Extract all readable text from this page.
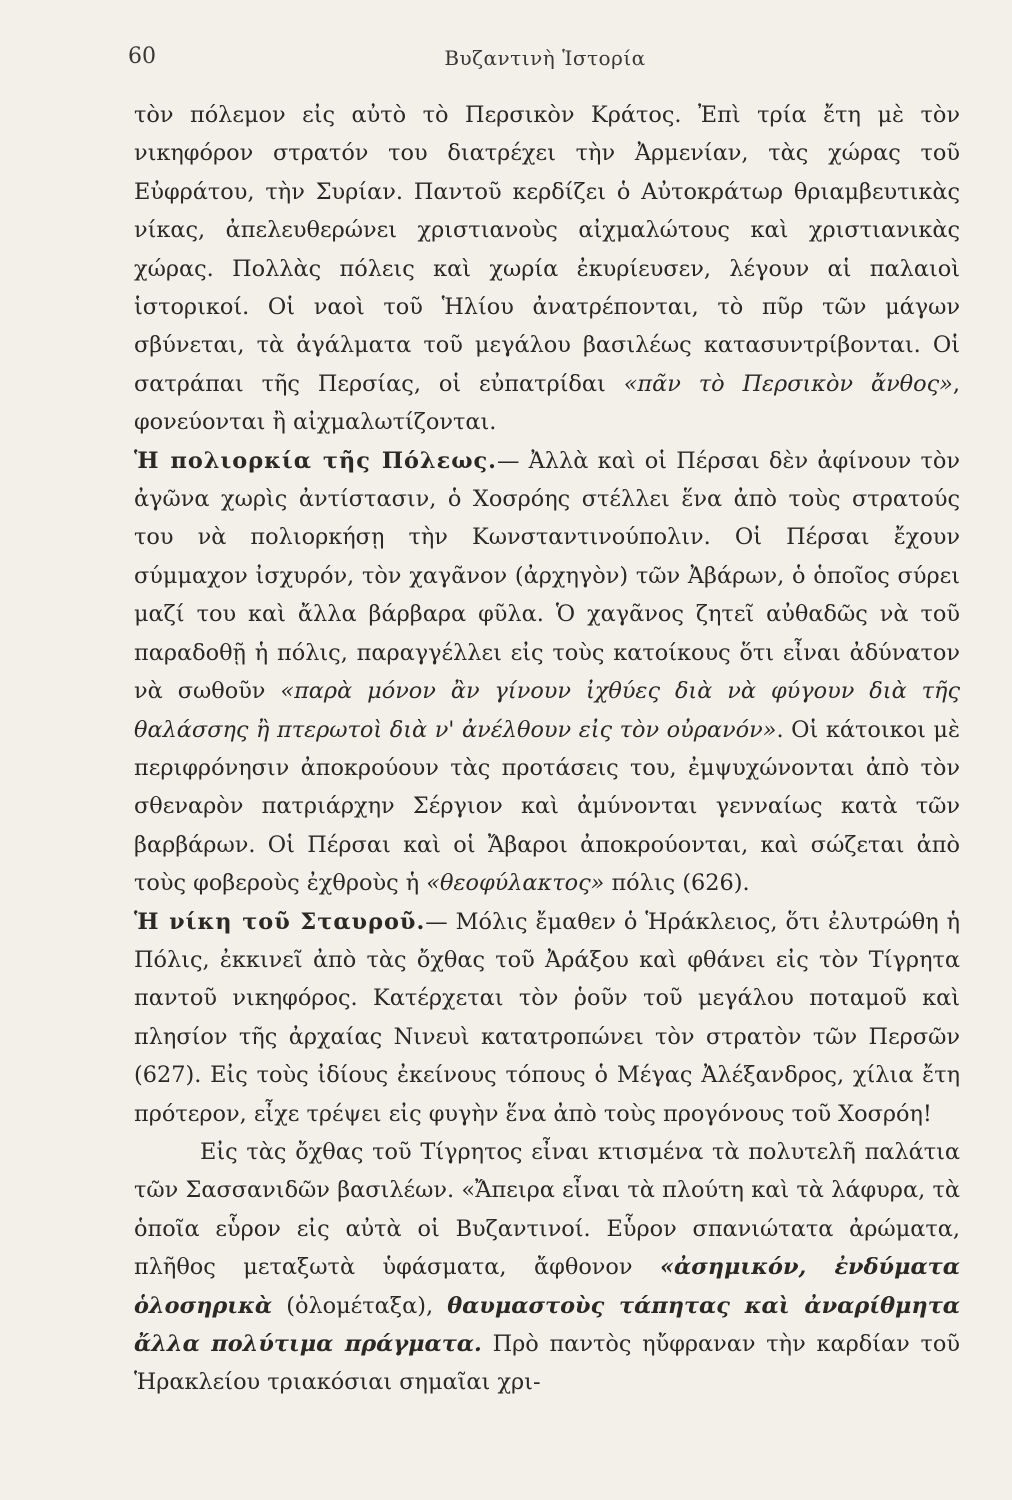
60	Βυζαντινὴ Ἱστορία

τὸν πόλεμον εἰς αὐτὸ τὸ Περσικὸν Κράτος. Ἐπὶ τρία ἔτη μὲ τὸν νικηφόρον στρατόν του διατρέχει τὴν Ἀρμενίαν, τὰς χώρας τοῦ Εὐφράτου, τὴν Συρίαν. Παντοῦ κερδίζει ὁ Αὐτοκράτωρ θριαμβευτικὰς νίκας, ἀπελευθερώνει χριστιανοὺς αἰχμαλώτους καὶ χριστιανικὰς χώρας. Πολλὰς πόλεις καὶ χωρία ἐκυρίευσεν, λέγουν αἱ παλαιοὶ ἱστορικοί. Οἱ ναοὶ τοῦ Ἡλίου ἀνατρέπονται, τὸ πῦρ τῶν μάγων σβύνεται, τὰ ἀγάλματα τοῦ μεγάλου βασιλέως κατασυντρίβονται. Οἱ σατράπαι τῆς Περσίας, οἱ εὐπατρίδαι «πᾶν τὸ Περσικὸν ἄνθος», φονεύονται ἢ αἰχμαλωτίζονται.

Ἡ πολιορκία τῆς Πόλεως.— Ἀλλὰ καὶ οἱ Πέρσαι δὲν ἀφίνουν τὸν ἀγῶνα χωρὶς ἀντίστασιν, ὁ Χοσρόης στέλλει ἕνα ἀπὸ τοὺς στρατούς του νὰ πολιορκήσῃ τὴν Κωνσταντινούπολιν. Οἱ Πέρσαι ἔχουν σύμμαχον ἰσχυρόν, τὸν χαγᾶνον (ἀρχηγὸν) τῶν Ἀβάρων, ὁ ὁποῖος σύρει μαζί του καὶ ἄλλα βάρβαρα φῦλα. Ὁ χαγᾶνος ζητεῖ αὐθαδῶς νὰ τοῦ παραδοθῇ ἡ πόλις, παραγγέλλει εἰς τοὺς κατοίκους ὅτι εἶναι ἀδύνατον νὰ σωθοῦν «παρὰ μόνον ἂν γίνουν ἰχθύες διὰ νὰ φύγουν διὰ τῆς θαλάσσης ἢ πτερωτοὶ διὰ ν' ἀνέλθουν εἰς τὸν οὐρανόν». Οἱ κάτοικοι μὲ περιφρόνησιν ἀποκρούουν τὰς προτάσεις του, ἐμψυχώνονται ἀπὸ τὸν σθεναρὸν πατριάρχην Σέργιον καὶ ἀμύνονται γενναίως κατὰ τῶν βαρβάρων. Οἱ Πέρσαι καὶ οἱ Ἄβαροι ἀποκρούονται, καὶ σώζεται ἀπὸ τοὺς φοβεροὺς ἐχθροὺς ἡ «θεοφύλακτος» πόλις (626).

Ἡ νίκη τοῦ Σταυροῦ.— Μόλις ἔμαθεν ὁ Ἡράκλειος, ὅτι ἐλυτρώθη ἡ Πόλις, ἐκκινεῖ ἀπὸ τὰς ὄχθας τοῦ Ἀράξου καὶ φθάνει εἰς τὸν Τίγρητα παντοῦ νικηφόρος. Κατέρχεται τὸν ῥοῦν τοῦ μεγάλου ποταμοῦ καὶ πλησίον τῆς ἀρχαίας Νινευὶ κατατροπώνει τὸν στρατὸν τῶν Περσῶν (627). Εἰς τοὺς ἰδίους ἐκείνους τόπους ὁ Μέγας Ἀλέξανδρος, χίλια ἔτη πρότερον, εἶχε τρέψει εἰς φυγὴν ἕνα ἀπὸ τοὺς προγόνους τοῦ Χοσρόη!

Εἰς τὰς ὄχθας τοῦ Τίγρητος εἶναι κτισμένα τὰ πολυτελῆ παλάτια τῶν Σασσανιδῶν βασιλέων. «Ἄπειρα εἶναι τὰ πλούτη καὶ τὰ λάφυρα, τὰ ὁποῖα εὗρον εἰς αὐτὰ οἱ Βυζαντινοί. Εὗρον σπανιώτατα ἀρώματα, πλῆθος μεταξωτὰ ὑφάσματα, ἄφθονον «ἀσημικόν, ἐνδύματα ὁλοσηρικὰ (ὁλομέταξα), θαυμαστοὺς τάπητας καὶ ἀναρίθμητα ἄλλα πολύτιμα πράγματα. Πρὸ παντὸς ηὔφραναν τὴν καρδίαν τοῦ Ἡρακλείου τριακόσιαι σημαῖαι χρι-
